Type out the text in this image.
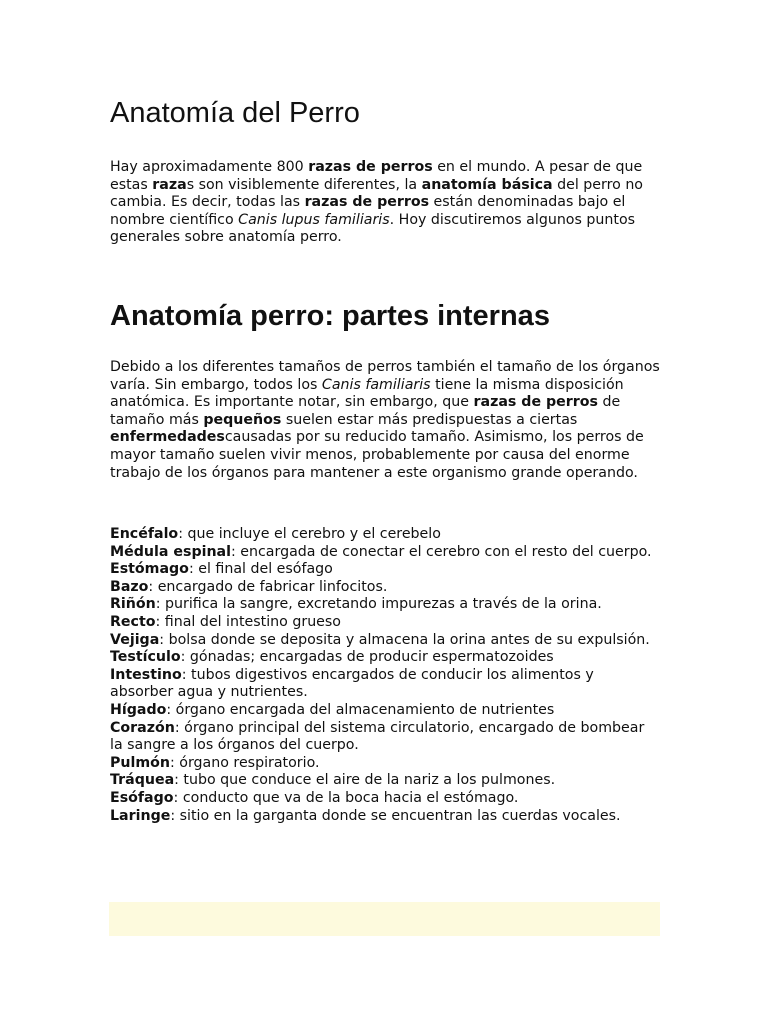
Anatomía del Perro

Hay aproximadamente 800 razas de perros en el mundo. A pesar de que estas razas son visiblemente diferentes, la anatomía básica del perro no cambia. Es decir, todas las razas de perros están denominadas bajo el nombre científico Canis lupus familiaris. Hoy discutiremos algunos puntos generales sobre anatomía perro.

Anatomía perro: partes internas

Debido a los diferentes tamaños de perros también el tamaño de los órganos varía. Sin embargo, todos los Canis familiaris tiene la misma disposición anatómica. Es importante notar, sin embargo, que razas de perros de tamaño más pequeños suelen estar más predispuestas a ciertas enfermedadescausadas por su reducido tamaño. Asimismo, los perros de mayor tamaño suelen vivir menos, probablemente por causa del enorme trabajo de los órganos para mantener a este organismo grande operando.

Encéfalo: que incluye el cerebro y el cerebelo
Médula espinal: encargada de conectar el cerebro con el resto del cuerpo.
Estómago: el final del esófago
Bazo: encargado de fabricar linfocitos.
Riñón: purifica la sangre, excretando impurezas a través de la orina.
Recto: final del intestino grueso
Vejiga: bolsa donde se deposita y almacena la orina antes de su expulsión.
Testículo: gónadas; encargadas de producir espermatozoides
Intestino: tubos digestivos encargados de conducir los alimentos y absorber agua y nutrientes.
Hígado: órgano encargada del almacenamiento de nutrientes
Corazón: órgano principal del sistema circulatorio, encargado de bombear la sangre a los órganos del cuerpo.
Pulmón: órgano respiratorio.
Tráquea: tubo que conduce el aire de la nariz a los pulmones.
Esófago: conducto que va de la boca hacia el estómago.
Laringe: sitio en la garganta donde se encuentran las cuerdas vocales.
